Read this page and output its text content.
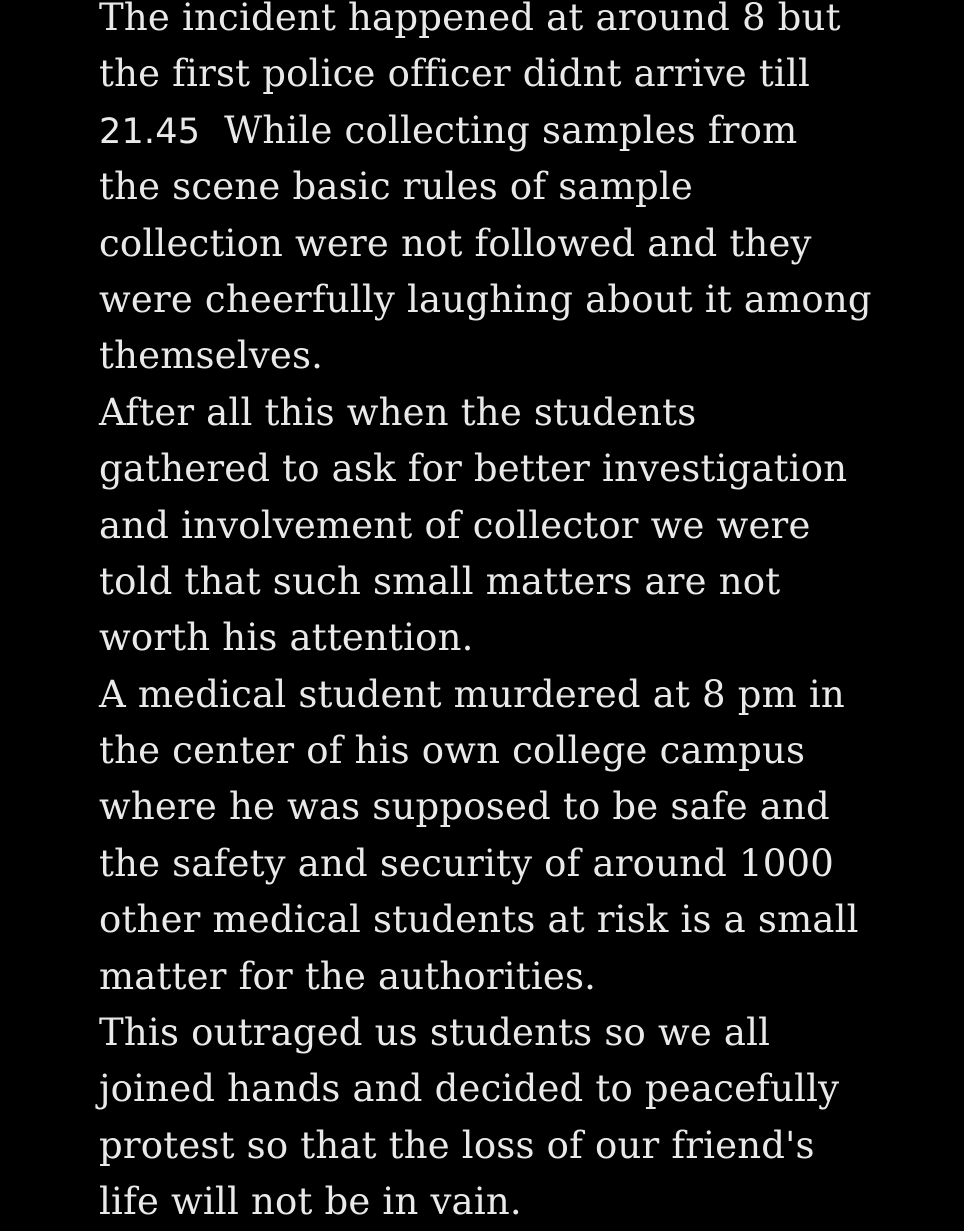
The incident happened at around 8 but
the first police officer didnt arrive till
21.45 While collecting samples from
the scene basic rules of sample
collection were not followed and they
were cheerfully laughing about it among
themselves.
After all this when the students
gathered to ask for better investigation
and involvement of collector we were
told that such small matters are not
worth his attention.
A medical student murdered at 8 pm in
the center of his own college campus
where he was supposed to be safe and
the safety and security of around 1000
other medical students at risk is a small
matter for the authorities.
This outraged us students so we all
joined hands and decided to peacefully
protest so that the loss of our friend's
life will not be in vain.
